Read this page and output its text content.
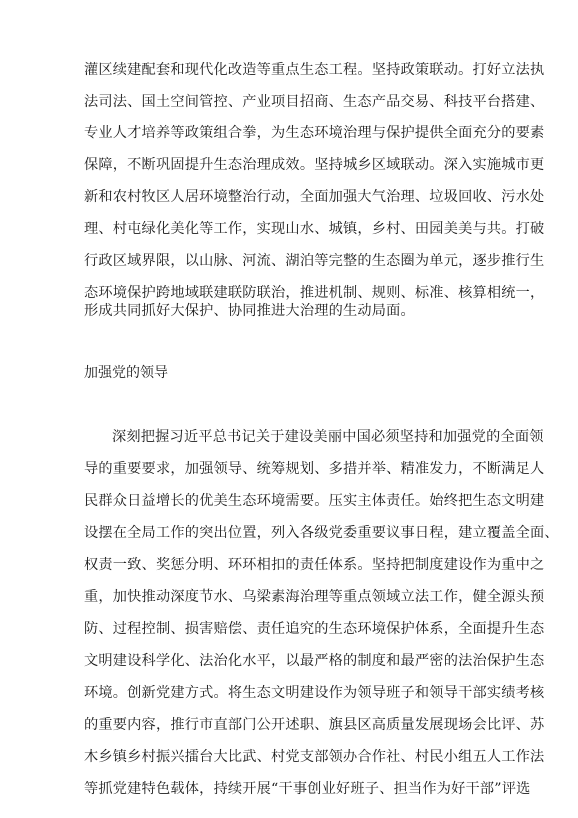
灌区续建配套和现代化改造等重点生态工程。坚持政策联动。打好立法执
法司法、国土空间管控、产业项目招商、生态产品交易、科技平台搭建、
专业人才培养等政策组合拳，为生态环境治理与保护提供全面充分的要素
保障，不断巩固提升生态治理成效。坚持城乡区域联动。深入实施城市更
新和农村牧区人居环境整治行动，全面加强大气治理、垃圾回收、污水处
理、村屯绿化美化等工作，实现山水、城镇，乡村、田园美美与共。打破
行政区域界限，以山脉、河流、湖泊等完整的生态圈为单元，逐步推行生
态环境保护跨地域联建联防联治，推进机制、规则、标准、核算相统一，
形成共同抓好大保护、协同推进大治理的生动局面。
加强党的领导
深刻把握习近平总书记关于建设美丽中国必须坚持和加强党的全面领
导的重要要求，加强领导、统筹规划、多措并举、精准发力，不断满足人
民群众日益增长的优美生态环境需要。压实主体责任。始终把生态文明建
设摆在全局工作的突出位置，列入各级党委重要议事日程，建立覆盖全面、
权责一致、奖惩分明、环环相扣的责任体系。坚持把制度建设作为重中之
重，加快推动深度节水、乌梁素海治理等重点领域立法工作，健全源头预
防、过程控制、损害赔偿、责任追究的生态环境保护体系，全面提升生态
文明建设科学化、法治化水平，以最严格的制度和最严密的法治保护生态
环境。创新党建方式。将生态文明建设作为领导班子和领导干部实绩考核
的重要内容，推行市直部门公开述职、旗县区高质量发展现场会比评、苏
木乡镇乡村振兴擂台大比武、村党支部领办合作社、村民小组五人工作法
等抓党建特色载体，持续开展“干事创业好班子、担当作为好干部”评选
